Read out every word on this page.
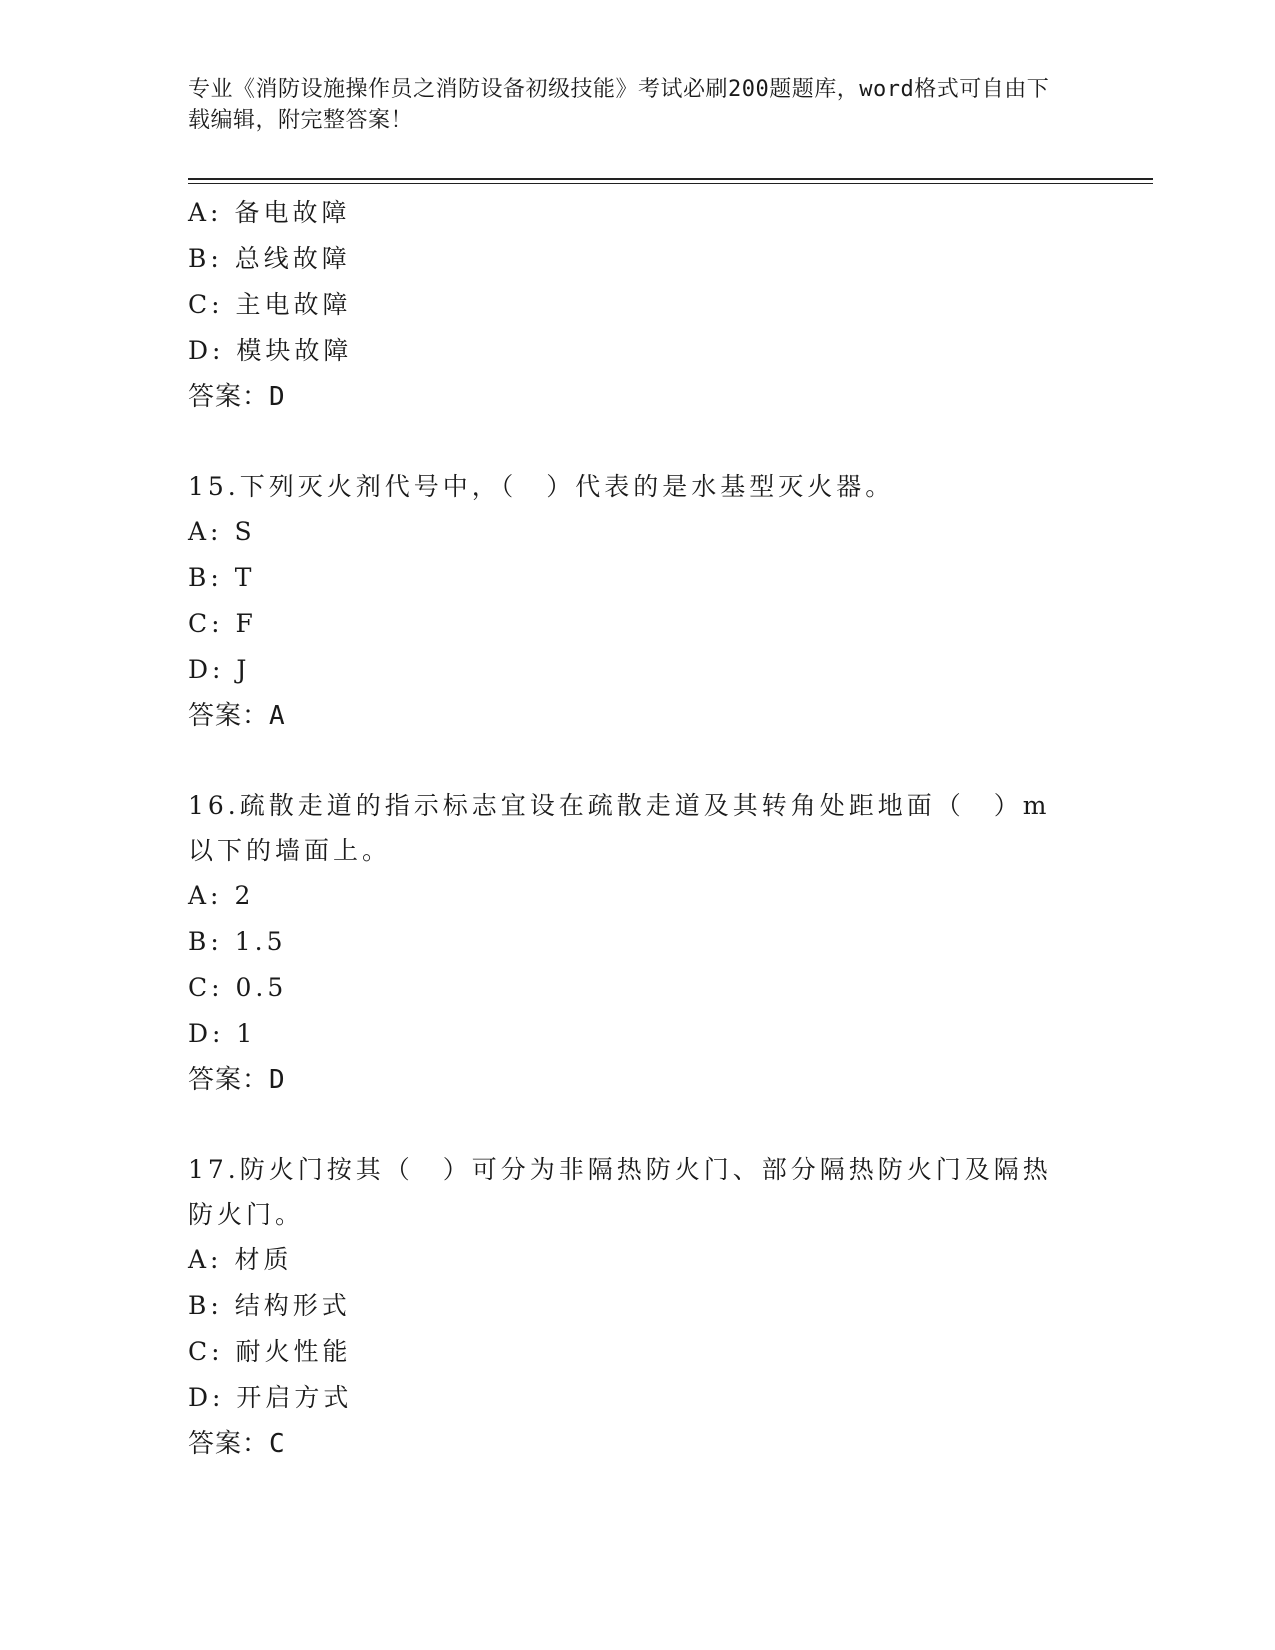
专业《消防设施操作员之消防设备初级技能》考试必刷200题题库，word格式可自由下载编辑，附完整答案！

A: 备电故障

B: 总线故障

C: 主电故障

D: 模块故障

答案：D

15.下列灭火剂代号中，（　）代表的是水基型灭火器。

A: S

B: T

C: F

D: J

答案：A

16.疏散走道的指示标志宜设在疏散走道及其转角处距地面（　）m以下的墙面上。

A: 2

B: 1.5

C: 0.5

D: 1

答案：D

17.防火门按其（　）可分为非隔热防火门、部分隔热防火门及隔热防火门。

A: 材质

B: 结构形式

C: 耐火性能

D: 开启方式

答案：C
